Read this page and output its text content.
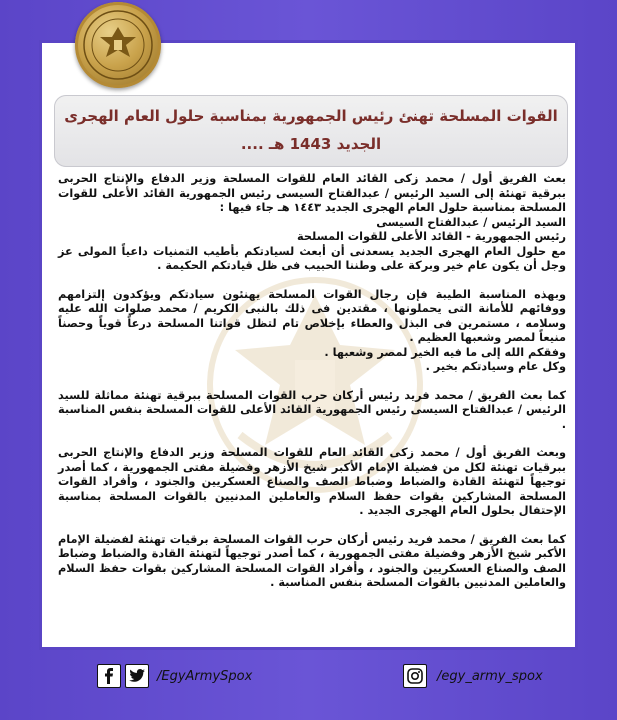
القوات المسلحة تهنئ رئيس الجمهورية بمناسبة حلول العام الهجرى
الجديد 1443 هـ ....

بعث الفريق أول / محمد زكى القائد العام للقوات المسلحة وزير الدفاع والإنتاج الحربى ببرقية تهنئة إلى السيد الرئيس / عبدالفتاح السيسى رئيس الجمهورية القائد الأعلى للقوات المسلحة بمناسبة حلول العام الهجرى الجديد ١٤٤٣ هـ جاء فيها :
السيد الرئيس / عبدالفتاح السيسى
رئيس الجمهورية - القائد الأعلى للقوات المسلحة
مع حلول العام الهجرى الجديد يسعدنى أن أبعث لسيادتكم بأطيب التمنيات داعياً المولى عز وجل أن يكون عام خير وبركة على وطننا الحبيب فى ظل قيادتكم الحكيمة .

وبهذه المناسبة الطيبة فإن رجال القوات المسلحة يهنئون سيادتكم ويؤكدون إلتزامهم ووفائهم للأمانة التى يحملونها ، مقتدين فى ذلك بالنبى الكريم / محمد صلوات الله عليه وسلامه ، مستمرين فى البذل والعطاء بإخلاص تام لتظل قواتنا المسلحة درعاً قوياً وحصناً منيعاً لمصر وشعبها العظيم .
وفقكم الله إلى ما فيه الخير لمصر وشعبها .
وكل عام وسيادتكم بخير .

كما بعث الفريق / محمد فريد رئيس أركان حرب القوات المسلحة ببرقية تهنئة مماثلة للسيد الرئيس / عبدالفتاح السيسى رئيس الجمهورية القائد الأعلى للقوات المسلحة بنفس المناسبة .

وبعث الفريق أول / محمد زكى القائد العام للقوات المسلحة وزير الدفاع والإنتاج الحربى ببرقيات تهنئة لكل من فضيلة الإمام الأكبر شيخ الأزهر وفضيلة مفتى الجمهورية ، كما أصدر توجيهاً لتهنئة القادة والضباط وضباط الصف والصناع العسكريين والجنود ، وأفراد القوات المسلحة المشاركين بقوات حفظ السلام والعاملين المدنيين بالقوات المسلحة بمناسبة الإحتفال بحلول العام الهجرى الجديد .

كما بعث الفريق / محمد فريد رئيس أركان حرب القوات المسلحة برقيات تهنئة لفضيلة الإمام الأكبر شيخ الأزهر وفضيلة مفتى الجمهورية ، كما أصدر توجيهاً لتهنئة القادة والضباط وضباط الصف والصناع العسكريين والجنود ، وأفراد القوات المسلحة المشاركين بقوات حفظ السلام والعاملين المدنيين بالقوات المسلحة بنفس المناسبة .

/EgyArmySpox	/egy_army_spox
